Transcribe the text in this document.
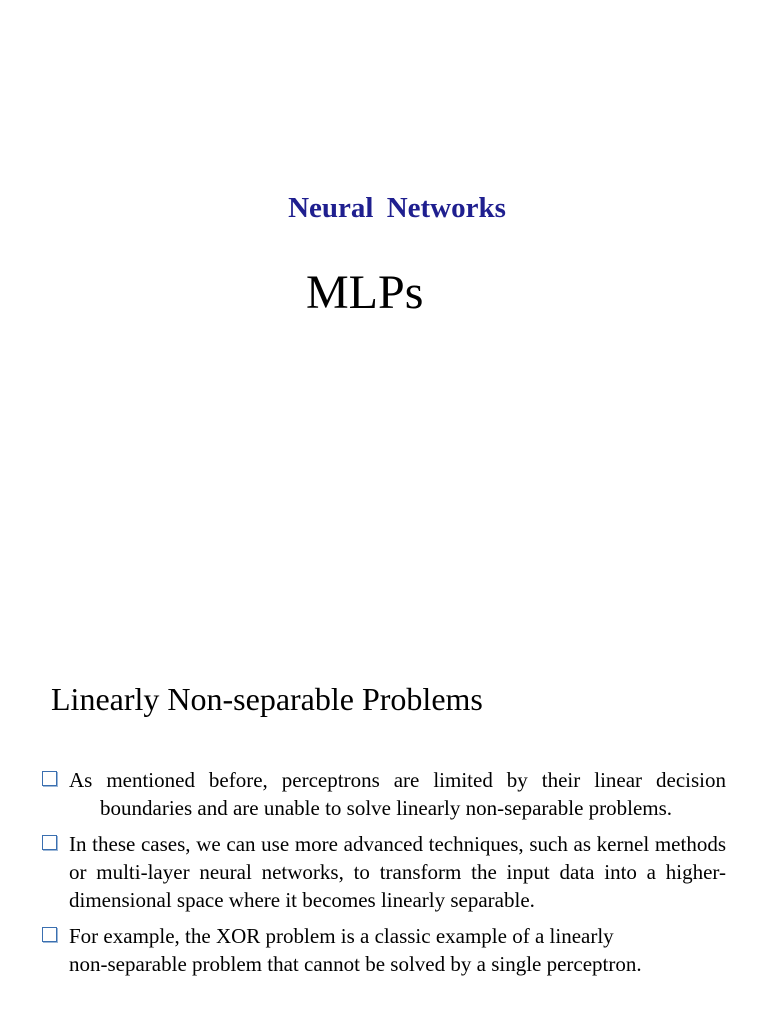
Neural Networks
MLPs
Linearly Non-separable Problems
As mentioned before, perceptrons are limited by their linear decision
boundaries and are unable to solve linearly non-separable problems.
In these cases, we can use more advanced techniques, such as kernel methods or multi-layer neural networks, to transform the input data into a higher-dimensional space where it becomes linearly separable.
For example, the XOR problem is a classic example of a linearly
non-separable problem that cannot be solved by a single perceptron.
